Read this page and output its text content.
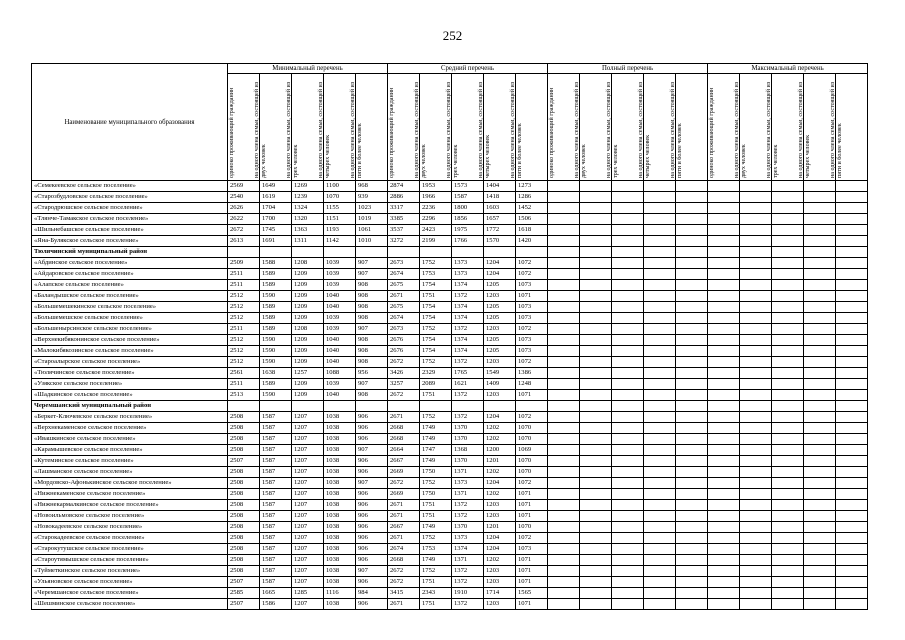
252
Наименование муниципального образования	Минимальный перечень					Средний перечень					Полный перечень					Максимальный перечень				

	одиноко проживающий гражданин	на одного члена семьи, состоящей из двух человек	на одного члена семьи, состоящей из трех человек	на одного члена семьи, состоящей из четырех человек	на одного члена семьи, состоящей из пяти и более человек	одиноко проживающий гражданин	на одного члена семьи, состоящей из двух человек	на одного члена семьи, состоящей из трех человек	на одного члена семьи, состоящей из четырех человек	на одного члена семьи, состоящей из пяти и более человек	одиноко проживающий гражданин	на одного члена семьи, состоящей из двух человек	на одного члена семьи, состоящей из трех человек	на одного члена семьи, состоящей из четырех человек	на одного члена семьи, состоящей из пяти и более человек	одиноко проживающий гражданин	на одного члена семьи, состоящей из двух человек	на одного члена семьи, состоящей из трех человек	на одного члена семьи, состоящей из четырех человек	на одного члена семьи, состоящей из пяти и более человек

«Семекеевское сельское поселение»	2569	1649	1269	1100	968	2874	1953	1573	1404	1273										
«Старозбудловское сельское поселение»	2540	1619	1239	1070	939	2886	1966	1587	1418	1286										
«Стародрюшское сельское поселение»	2626	1704	1324	1155	1023	3317	2236	1800	1603	1452										
«Тлянче-Тамакское сельское поселение»	2622	1700	1320	1151	1019	3385	2296	1856	1657	1506										
«Шильнебашское сельское поселение»	2672	1745	1363	1193	1061	3537	2423	1975	1772	1618										
«Яна-Булякское сельское поселение»	2613	1691	1311	1142	1010	3272	2199	1766	1570	1420										
Тюлячинский муниципальный район																				
«Абдинское сельское поселение»	2509	1588	1208	1039	907	2673	1752	1373	1204	1072										
«Айдаровское сельское поселение»	2511	1589	1209	1039	907	2674	1753	1373	1204	1072										
«Алапское сельское поселение»	2511	1589	1209	1039	908	2675	1754	1374	1205	1073										
«Баландышское сельское поселение»	2512	1590	1209	1040	908	2671	1751	1372	1203	1071										
«Большемешекинское сельское поселение»	2512	1589	1209	1040	908	2675	1754	1374	1205	1073										
«Большемешское сельское поселение»	2512	1589	1209	1039	908	2674	1754	1374	1205	1073										
«Большенырсинское сельское поселение»	2511	1589	1208	1039	907	2673	1752	1372	1203	1072										
«Верхнекибяконинское сельское поселение»	2512	1590	1209	1040	908	2676	1754	1374	1205	1073										
«Малокибякозинское сельское поселение»	2512	1590	1209	1040	908	2676	1754	1374	1205	1073										
«Староалырское сельское поселение»	2512	1590	1209	1040	908	2672	1752	1372	1203	1072										
«Тюлячинское сельское поселение»	2561	1638	1257	1088	956	3426	2329	1765	1549	1386										
«Узякское сельское поселение»	2511	1589	1209	1039	907	3257	2089	1621	1409	1248										
«Шадкинское сельское поселение»	2513	1590	1209	1040	908	2672	1751	1372	1203	1071										
Черемшанский муниципальный район																				
«Беркет-Ключевское сельское поселение»	2508	1587	1207	1038	906	2671	1752	1372	1204	1072										
«Верхнекаменское сельское поселение»	2508	1587	1207	1038	906	2668	1749	1370	1202	1070										
«Ивашкинское сельское поселение»	2508	1587	1207	1038	906	2668	1749	1370	1202	1070										
«Карамышевское сельское поселение»	2508	1587	1207	1038	907	2664	1747	1368	1200	1069										
«Кутеминское сельское поселение»	2507	1587	1207	1038	906	2667	1749	1370	1201	1070										
«Лашманское сельское поселение»	2508	1587	1207	1038	906	2669	1750	1371	1202	1070										
«Мордовско-Афонькинское сельское поселение»	2508	1587	1207	1038	907	2672	1752	1373	1204	1072										
«Нижнекаменское сельское поселение»	2508	1587	1207	1038	906	2669	1750	1371	1202	1071										
«Нижнекармалкинское сельское поселение»	2508	1587	1207	1038	906	2671	1751	1372	1203	1071										
«Новоильмовское сельское поселение»	2508	1587	1207	1038	906	2671	1751	1372	1203	1071										
«Новокадеевское сельское поселение»	2508	1587	1207	1038	906	2667	1749	1370	1201	1070										
«Старокадеевское сельское поселение»	2508	1587	1207	1038	906	2671	1752	1373	1204	1072										
«Старокутушское сельское поселение»	2508	1587	1207	1038	906	2674	1753	1374	1204	1073										
«Староутямышское сельское поселение»	2508	1587	1207	1038	906	2668	1749	1371	1202	1071										
«Туйметкинское сельское поселение»	2508	1587	1207	1038	907	2672	1752	1372	1203	1071										
«Ульяновское сельское поселение»	2507	1587	1207	1038	906	2672	1751	1372	1203	1071										
«Черемшанское сельское поселение»	2585	1665	1285	1116	984	3415	2343	1910	1714	1565										
«Шешминское сельское поселение»	2507	1586	1207	1038	906	2671	1751	1372	1203	1071										
